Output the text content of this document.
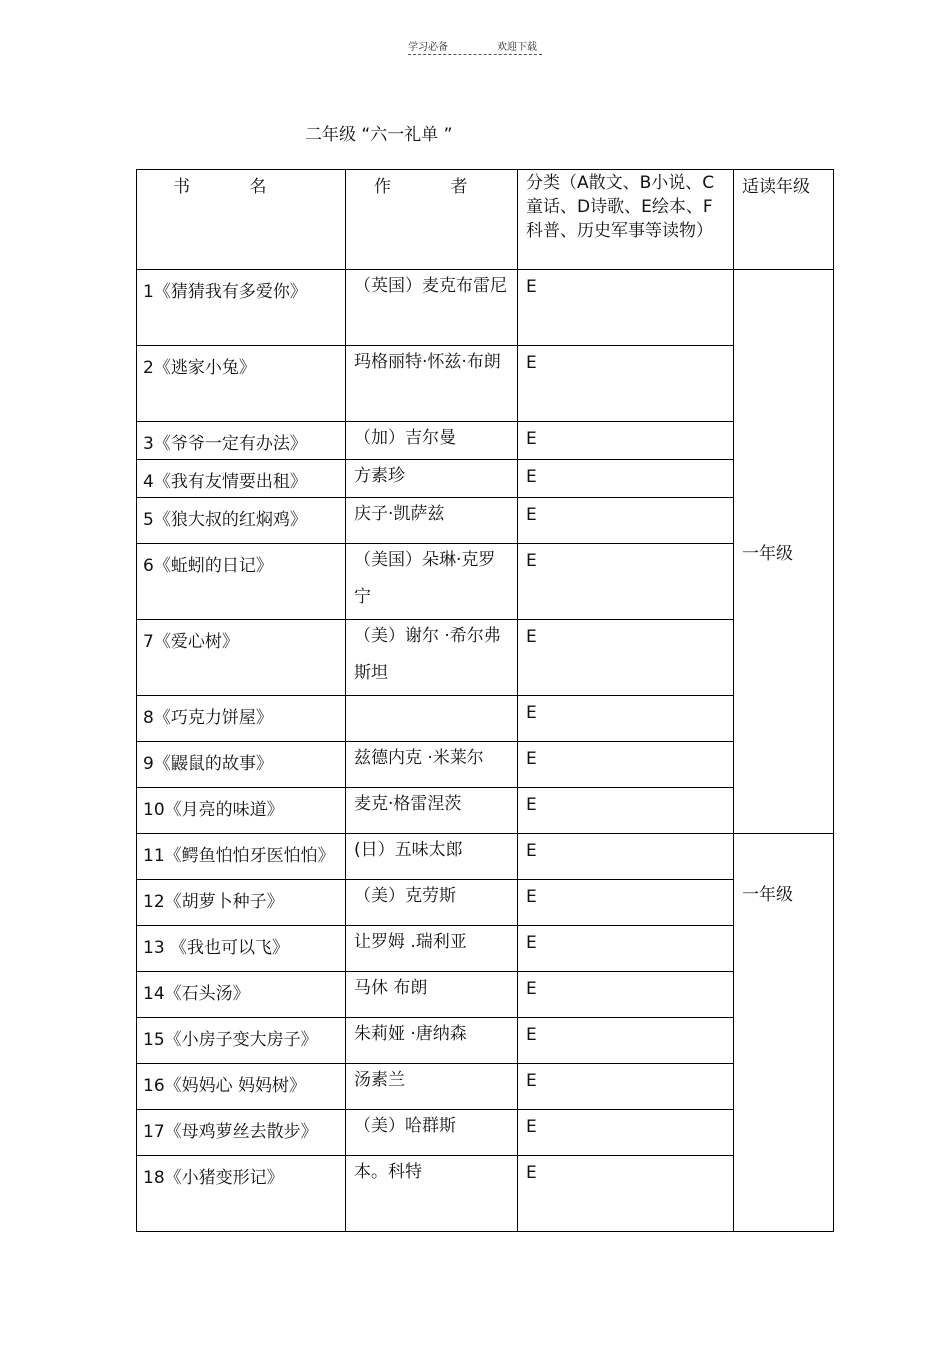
学习必备	欢迎下载
二年级 “六一礼单 ”
书　　名	作　　者	分类（A散文、B小说、C童话、D诗歌、E绘本、F 科普、历史军事等读物）	适读年级
1《猜猜我有多爱你》	（英国）麦克布雷尼	E	一年级
2《逃家小兔》	玛格丽特·怀兹·布朗	E	
3《爷爷一定有办法》	（加）吉尔曼	E	
4《我有友情要出租》	方素珍	E	
5《狼大叔的红焖鸡》	庆子·凯萨兹	E	
6《蚯蚓的日记》	（美国）朵琳·克罗宁	E	
7《爱心树》	（美）谢尔 ·希尔弗斯坦	E	
8《巧克力饼屋》		E	
9《鼹鼠的故事》	兹德内克 ·米莱尔	E	
10《月亮的味道》	麦克·格雷涅茨	E	
11《鳄鱼怕怕牙医怕怕》	(日）五味太郎	E	一年级
12《胡萝卜种子》	（美）克劳斯	E	
13 《我也可以飞》	让罗姆 .瑞利亚	E	
14《石头汤》	马休 布朗	E	
15《小房子变大房子》	朱莉娅 ·唐纳森	E	
16《妈妈心 妈妈树》	汤素兰	E	
17《母鸡萝丝去散步》	（美）哈群斯	E	
18《小猪变形记》	本。科特	E	
